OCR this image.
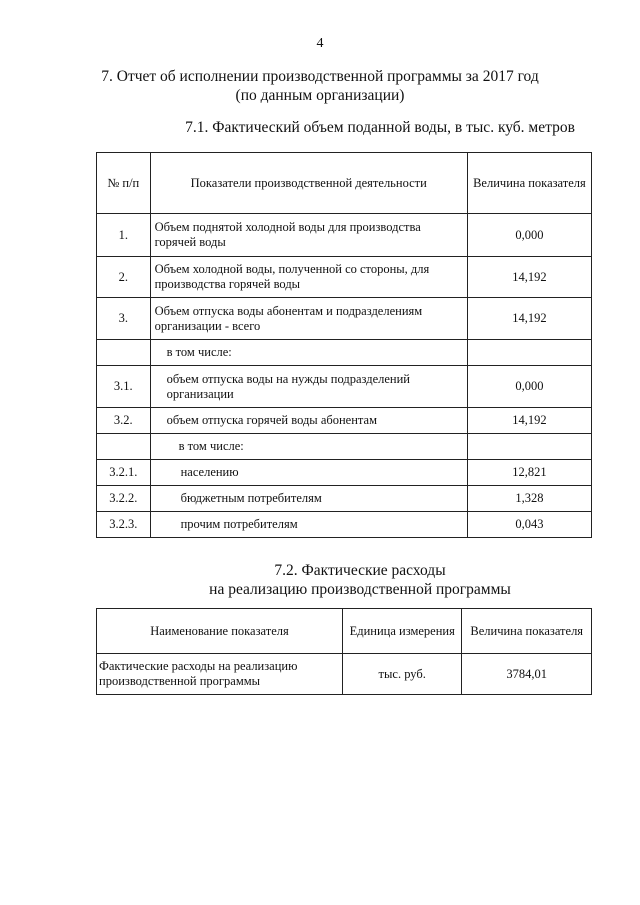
4
7. Отчет об исполнении производственной программы за 2017 год
(по данным организации)
7.1. Фактический объем поданной воды, в тыс. куб. метров
№ п/п	Показатели производственной деятельности	Величина показателя
1.	Объем поднятой холодной воды для производства горячей воды	0,000
2.	Объем холодной воды, полученной со стороны, для производства горячей воды	14,192
3.	Объем отпуска воды абонентам и подразделениям организации - всего	14,192
	в том числе:	
3.1.	объем отпуска воды на нужды подразделений организации	0,000
3.2.	объем отпуска горячей воды абонентам	14,192
	в том числе:	
3.2.1.	населению	12,821
3.2.2.	бюджетным потребителям	1,328
3.2.3.	прочим потребителям	0,043
7.2. Фактические расходы
на реализацию производственной программы
Наименование показателя	Единица измерения	Величина показателя
Фактические расходы на реализацию производственной программы	тыс. руб.	3784,01
